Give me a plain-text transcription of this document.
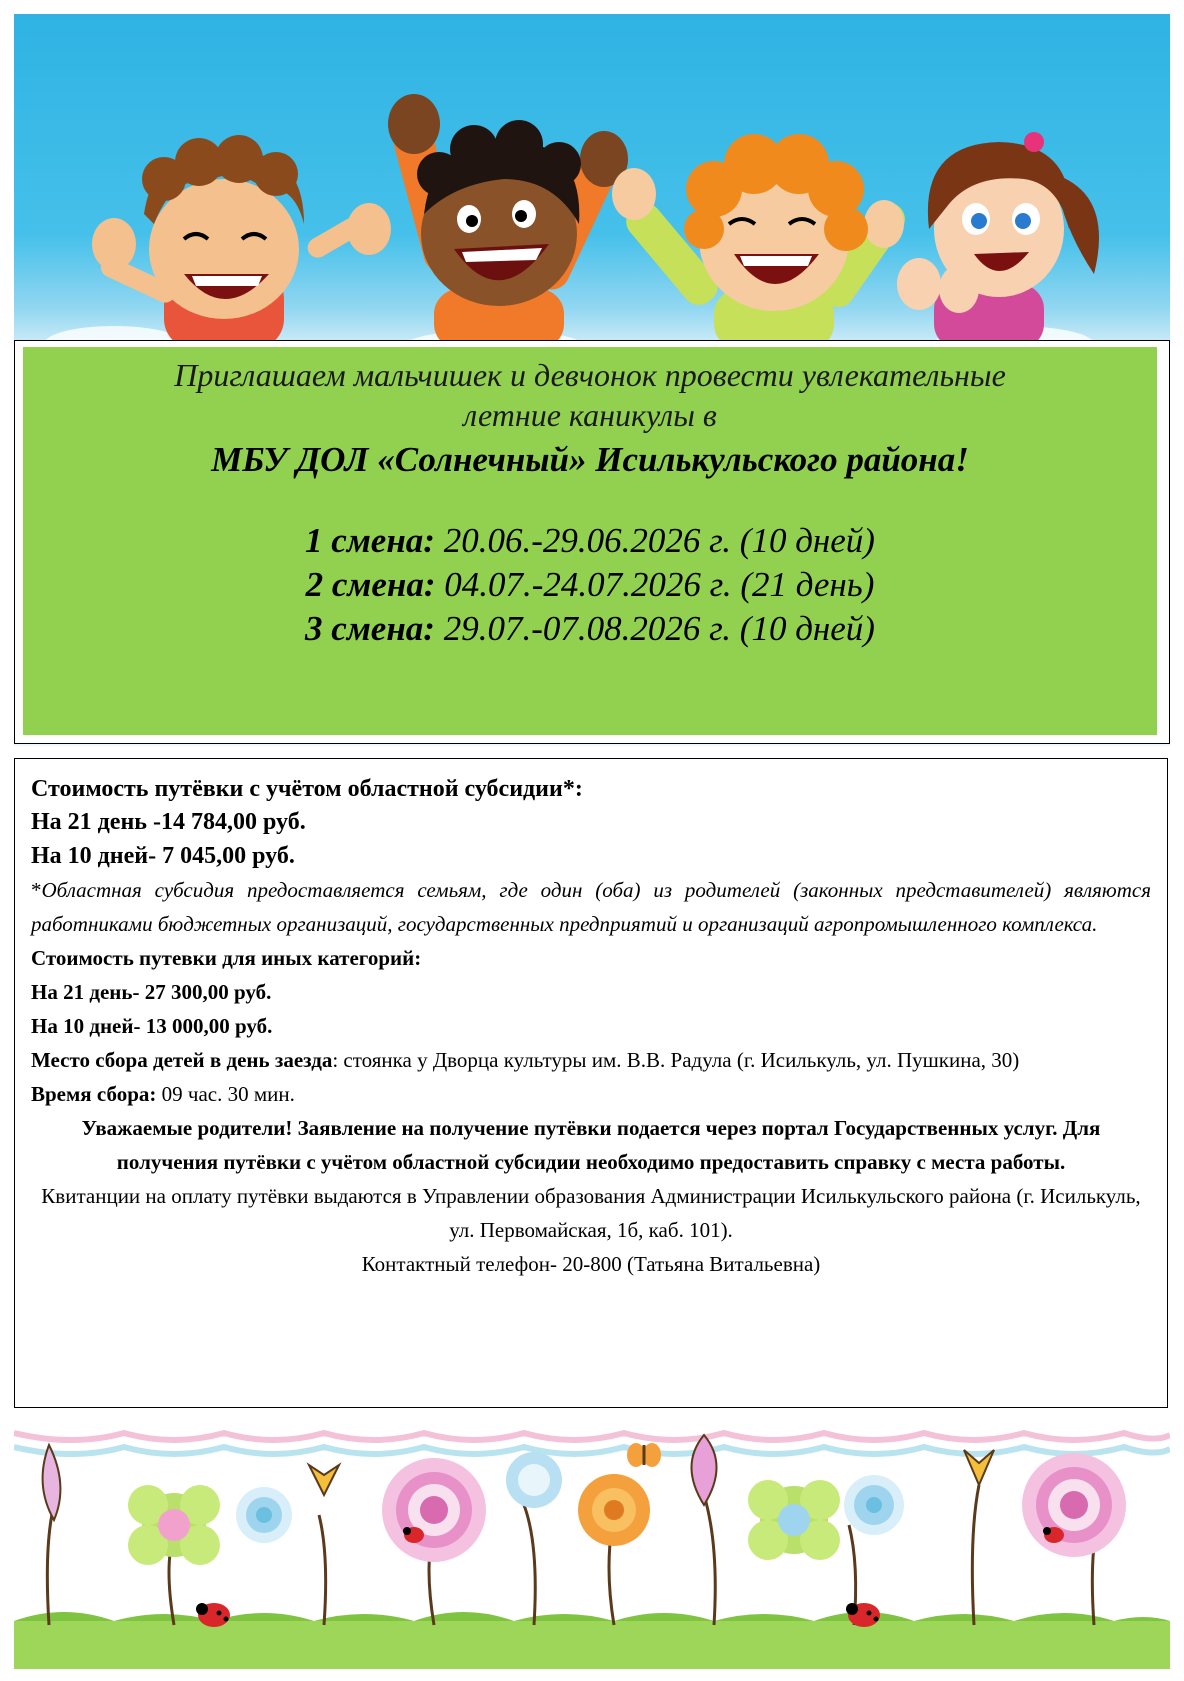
Приглашаем мальчишек и девчонок провести увлекательные
летние каникулы в
МБУ ДОЛ «Солнечный» Исилькульского района!
1 смена: 20.06.-29.06.2026 г. (10 дней)
2 смена: 04.07.-24.07.2026 г. (21 день)
3 смена: 29.07.-07.08.2026 г. (10 дней)
Стоимость путёвки с учётом областной субсидии*:
На 21 день -14 784,00 руб.
На 10 дней- 7 045,00 руб.
*Областная субсидия предоставляется семьям, где один (оба) из родителей (законных представителей) являются работниками бюджетных организаций, государственных предприятий и организаций агропромышленного комплекса.
Стоимость путевки для иных категорий:
На 21 день- 27 300,00 руб.
На 10 дней- 13 000,00 руб.
Место сбора детей в день заезда: стоянка у Дворца культуры им. В.В. Радула (г. Исилькуль, ул. Пушкина, 30)
Время сбора: 09 час. 30 мин.
Уважаемые родители! Заявление на получение путёвки подается через портал Государственных услуг. Для получения путёвки с учётом областной субсидии необходимо предоставить справку с места работы.
Квитанции на оплату путёвки выдаются в Управлении образования Администрации Исилькульского района (г. Исилькуль, ул. Первомайская, 1б, каб. 101).
Контактный телефон- 20-800 (Татьяна Витальевна)
